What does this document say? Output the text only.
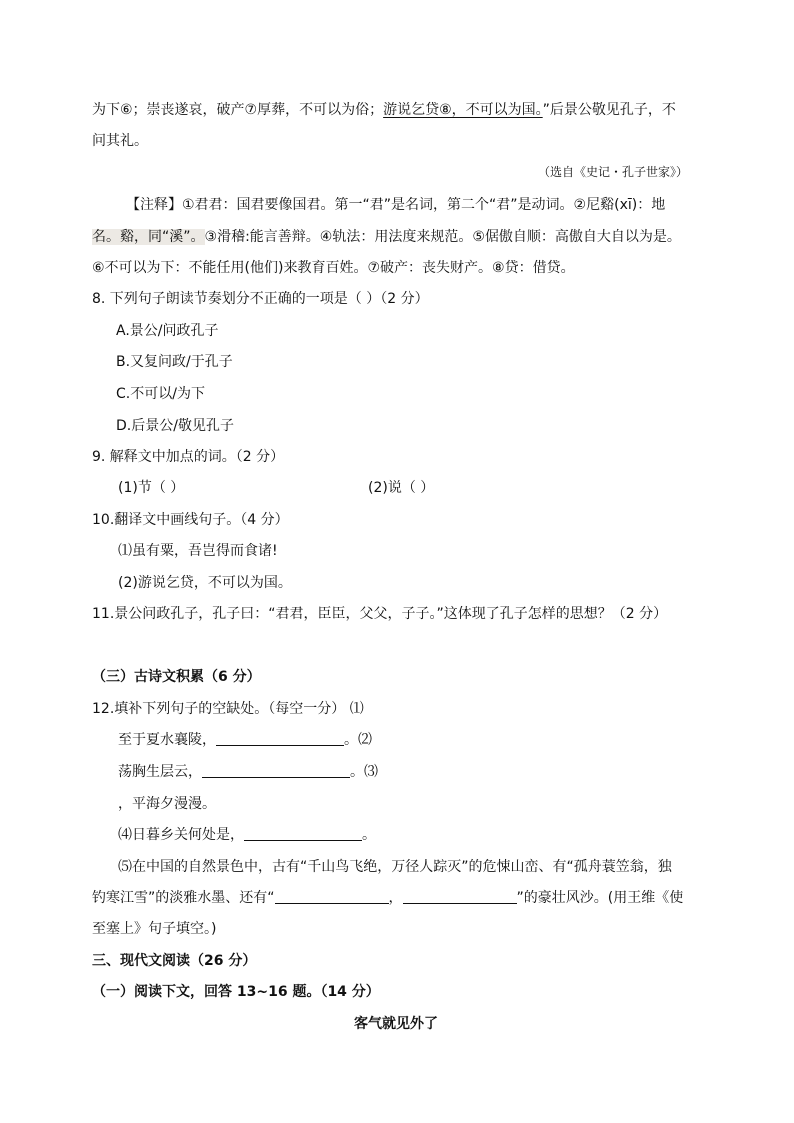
为下⑥；崇丧遂哀，破产⑦厚葬，不可以为俗；游说乞贷⑧，不可以为国。”后景公敬见孔子，不
问其礼。
（选自《史记・孔子世家》）
【注释】①君君：国君要像国君。第一“君”是名词，第二个“君”是动词。②尼谿(xī)：地
名。谿，同“溪”。③滑稽:能言善辩。④轨法：用法度来规范。⑤倨傲自顺：高傲自大自以为是。
⑥不可以为下：不能任用(他们)来教育百姓。⑦破产：丧失财产。⑧贷：借贷。
8. 下列句子朗读节奏划分不正确的一项是（ ）（2 分）
A.景公/问政孔子
B.又复问政/于孔子
C.不可以/为下
D.后景公/敬见孔子
9. 解释文中加点的词。（2 分）
(1)节（ ）	(2)说（ ）
10.翻译文中画线句子。（4 分）
⑴虽有粟，吾岂得而食诸!
(2)游说乞贷，不可以为国。
11.景公问政孔子，孔子曰：“君君，臣臣，父父，子子。”这体现了孔子怎样的思想？（2 分）
（三）古诗文积累（6 分）
12.填补下列句子的空缺处。（每空一分） ⑴
至于夏水襄陵，	。⑵
荡胸生层云，	。⑶
，平海夕漫漫。
⑷日暮乡关何处是，	。
⑸在中国的自然景色中，古有“千山鸟飞绝，万径人踪灭”的危悚山峦、有“孤舟蓑笠翁，独
钓寒江雪”的淡雅水墨、还有“	，	”的豪壮风沙。(用王维《使
至塞上》句子填空。)
三、现代文阅读（26 分）
（一）阅读下文，回答 13~16 题。（14 分）
客气就见外了
